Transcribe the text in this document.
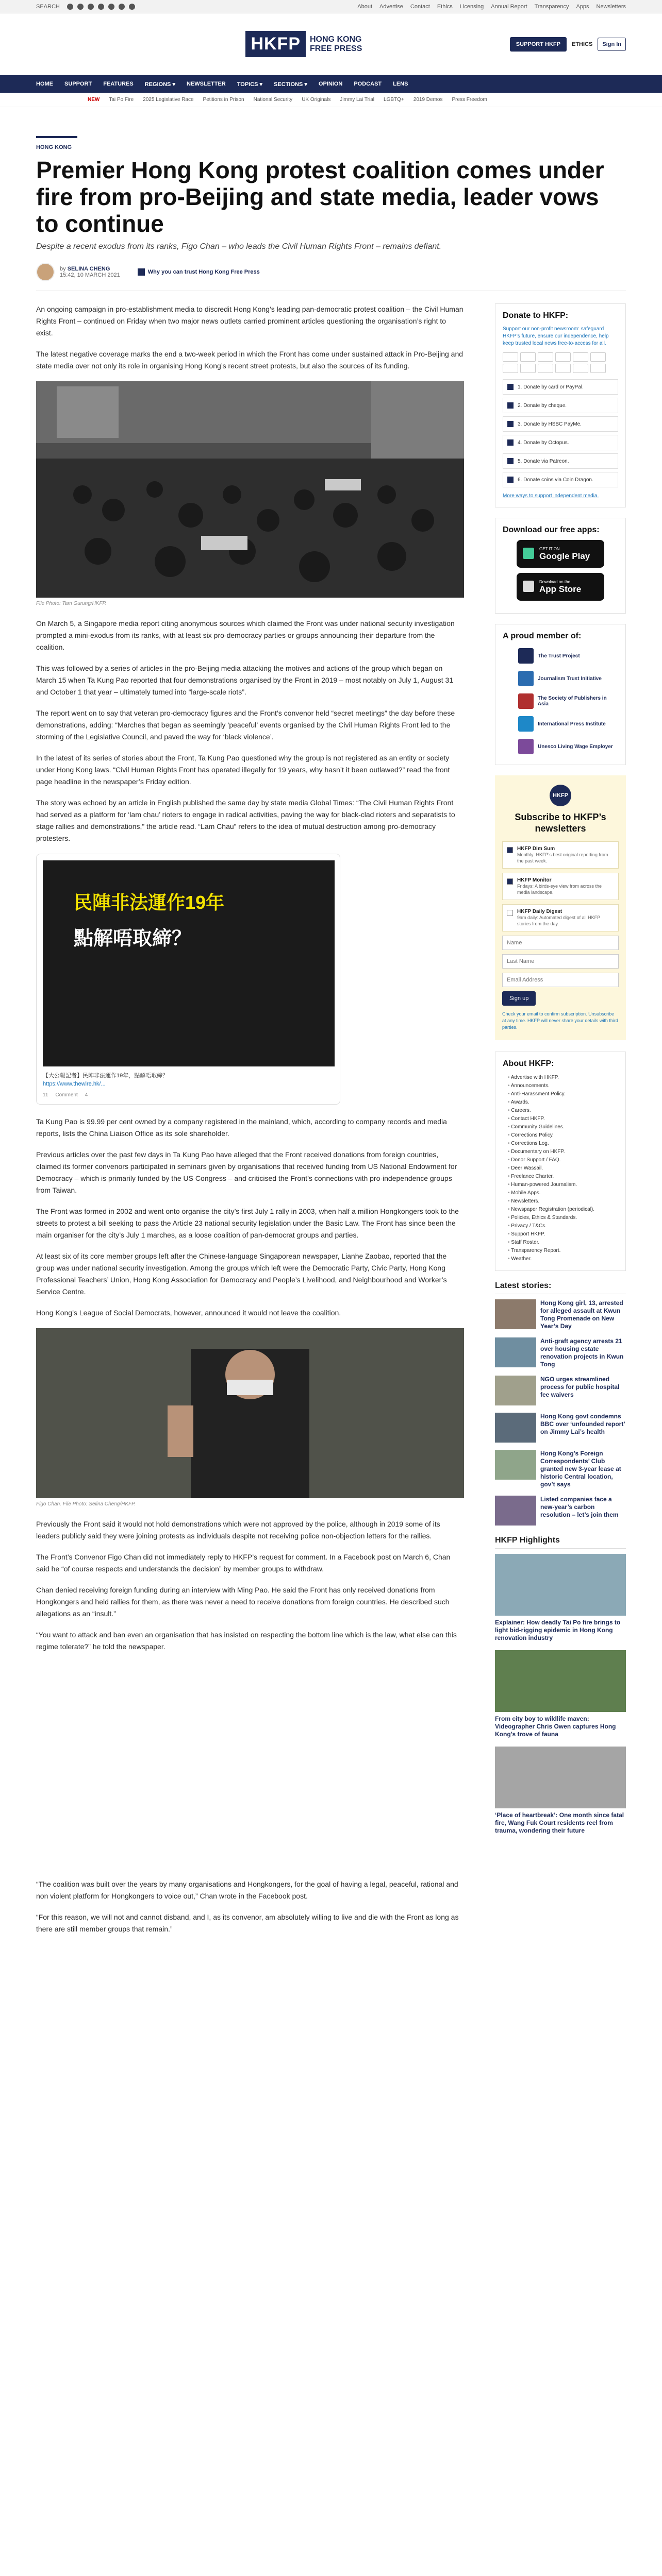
SEARCH	About Advertise Contact Ethics Licensing Annual Report Transparency Apps Newsletters
HKFP	HONG KONG
FREE PRESS	SUPPORT HKFP	ETHICS	Sign In
HOME SUPPORT FEATURES REGIONS ▾ NEWSLETTER TOPICS ▾ SECTIONS ▾ OPINION PODCAST LENS
NEW Tai Po Fire 2025 Legislative Race Petitions in Prison National Security UK Originals Jimmy Lai Trial LGBTQ+ 2019 Demos Press Freedom
HONG KONG
Premier Hong Kong protest coalition comes under fire from pro-Beijing and state media, leader vows to continue
Despite a recent exodus from its ranks, Figo Chan – who leads the Civil Human Rights Front – remains defiant.
by SELINA CHENG
15:42, 10 MARCH 2021	Why you can trust Hong Kong Free Press

An ongoing campaign in pro-establishment media to discredit Hong Kong’s leading pan-democratic protest coalition – the Civil Human Rights Front – continued on Friday when two major news outlets carried prominent articles questioning the organisation’s right to exist.

The latest negative coverage marks the end a two-week period in which the Front has come under sustained attack in Pro-Beijing and state media over not only its role in organising Hong Kong’s recent street protests, but also the sources of its funding.

File Photo: Tam Gurung/HKFP.

On March 5, a Singapore media report citing anonymous sources which claimed the Front was under national security investigation prompted a mini-exodus from its ranks, with at least six pro-democracy parties or groups announcing their departure from the coalition.

This was followed by a series of articles in the pro-Beijing media attacking the motives and actions of the group which began on March 15 when Ta Kung Pao reported that four demonstrations organised by the Front in 2019 – most notably on July 1, August 31 and October 1 that year – ultimately turned into “large-scale riots”.

The report went on to say that veteran pro-democracy figures and the Front’s convenor held “secret meetings” the day before these demonstrations, adding: “Marches that began as seemingly ‘peaceful’ events organised by the Civil Human Rights Front led to the storming of the Legislative Council, and paved the way for ‘black violence’.

In the latest of its series of stories about the Front, Ta Kung Pao questioned why the group is not registered as an entity or society under Hong Kong laws. “Civil Human Rights Front has operated illegally for 19 years, why hasn’t it been outlawed?” read the front page headline in the newspaper’s Friday edition.

The story was echoed by an article in English published the same day by state media Global Times: “The Civil Human Rights Front had served as a platform for ‘lam chau’ rioters to engage in radical activities, paving the way for black-clad rioters and separatists to stage rallies and demonstrations,” the article read. “Lam Chau” refers to the idea of mutual destruction among pro-democracy protesters.

民陣非法運作19年
點解唔取締？
【大公報記者】民陣非法運作19年，點解唔取締？
https://www.thewire.hk/...
11 Comment 4

Ta Kung Pao is 99.99 per cent owned by a company registered in the mainland, which, according to company records and media reports, lists the China Liaison Office as its sole shareholder.

Previous articles over the past few days in Ta Kung Pao have alleged that the Front received donations from foreign countries, claimed its former convenors participated in seminars given by organisations that received funding from US National Endowment for Democracy – which is primarily funded by the US Congress – and criticised the Front’s connections with pro-independence groups from Taiwan.

The Front was formed in 2002 and went onto organise the city’s first July 1 rally in 2003, when half a million Hongkongers took to the streets to protest a bill seeking to pass the Article 23 national security legislation under the Basic Law. The Front has since been the main organiser for the city’s July 1 marches, as a loose coalition of pan-democrat groups and parties.

At least six of its core member groups left after the Chinese-language Singaporean newspaper, Lianhe Zaobao, reported that the group was under national security investigation. Among the groups which left were the Democratic Party, Civic Party, Hong Kong Professional Teachers’ Union, Hong Kong Association for Democracy and People’s Livelihood, and Neighbourhood and Worker’s Service Centre.

Hong Kong’s League of Social Democrats, however, announced it would not leave the coalition.

Figo Chan. File Photo: Selina Cheng/HKFP.

Previously the Front said it would not hold demonstrations which were not approved by the police, although in 2019 some of its leaders publicly said they were joining protests as individuals despite not receiving police non-objection letters for the rallies.

The Front’s Convenor Figo Chan did not immediately reply to HKFP’s request for comment. In a Facebook post on March 6, Chan said he “of course respects and understands the decision” by member groups to withdraw.

Chan denied receiving foreign funding during an interview with Ming Pao. He said the Front has only received donations from Hongkongers and held rallies for them, as there was never a need to receive donations from foreign countries. He described such allegations as an “insult.”

“You want to attack and ban even an organisation that has insisted on respecting the bottom line which is the law, what else can this regime tolerate?” he told the newspaper.

“The coalition was built over the years by many organisations and Hongkongers, for the goal of having a legal, peaceful, rational and non violent platform for Hongkongers to voice out,” Chan wrote in the Facebook post.

“For this reason, we will not and cannot disband, and I, as its convenor, am absolutely willing to live and die with the Front as long as there are still member groups that remain.”

Donate to HKFP:
Support our non-profit newsroom: safeguard HKFP’s future, ensure our independence, help keep trusted local news free-to-access for all.
1. Donate by card or PayPal.
2. Donate by cheque.
3. Donate by HSBC PayMe.
4. Donate by Octopus.
5. Donate via Patreon.
6. Donate coins via Coin Dragon.
More ways to support independent media.
Download our free apps:
GET IT ON
Google Play
Download on the
App Store
A proud member of:
The Trust Project
Journalism Trust Initiative
The Society of Publishers in Asia
International Press Institute
Unesco Living Wage Employer
HKFP
Subscribe to HKFP’s newsletters
HKFP Dim Sum
Monthly: HKFP’s best original reporting from the past week.
HKFP Monitor
Fridays: A birds-eye view from across the media landscape.
HKFP Daily Digest
9am daily: Automated digest of all HKFP stories from the day.
Name Last Name Email Address Sign up
Check your email to confirm subscription. Unsubscribe at any time. HKFP will never share your details with third parties.
About HKFP:
• Advertise with HKFP.
• Announcements.
• Anti-Harassment Policy.
• Awards.
• Careers.
• Contact HKFP.
• Community Guidelines.
• Corrections Policy.
• Corrections Log.
• Documentary on HKFP.
• Donor Support / FAQ.
• Deer Wassail.
• Freelance Charter.
• Human-powered Journalism.
• Mobile Apps.
• Newsletters.
• Newspaper Registration (periodical).
• Policies, Ethics & Standards.
• Privacy / T&Cs.
• Support HKFP.
• Staff Roster.
• Transparency Report.
• Weather.
Latest stories:
Hong Kong girl, 13, arrested for alleged assault at Kwun Tong Promenade on New Year’s Day
Anti-graft agency arrests 21 over housing estate renovation projects in Kwun Tong
NGO urges streamlined process for public hospital fee waivers
Hong Kong govt condemns BBC over ‘unfounded report’ on Jimmy Lai’s health
Hong Kong’s Foreign Correspondents’ Club granted new 3-year lease at historic Central location, gov’t says
Listed companies face a new-year’s carbon resolution – let’s join them
HKFP Highlights
Explainer: How deadly Tai Po fire brings to light bid-rigging epidemic in Hong Kong renovation industry
From city boy to wildlife maven: Videographer Chris Owen captures Hong Kong’s trove of fauna
‘Place of heartbreak’: One month since fatal fire, Wang Fuk Court residents reel from trauma, wondering their future
